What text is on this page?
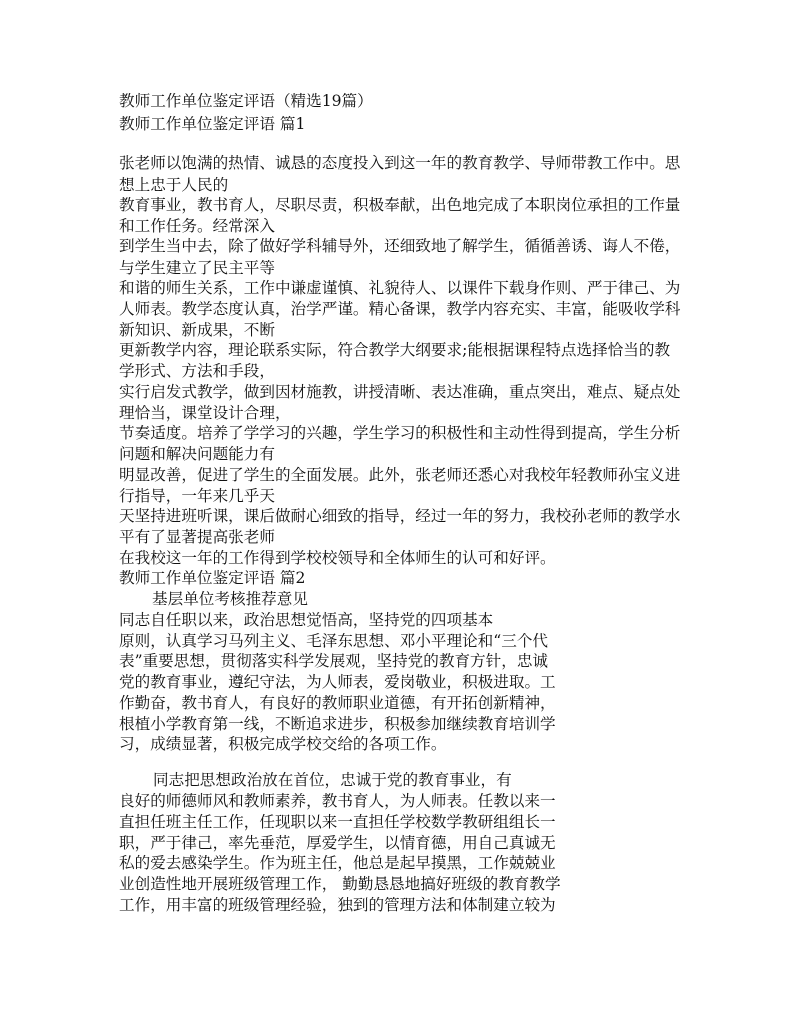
教师工作单位鉴定评语（精选19篇）
教师工作单位鉴定评语 篇1
张老师以饱满的热情、诚恳的态度投入到这一年的教育教学、导师带教工作中。思
想上忠于人民的
教育事业，教书育人，尽职尽责，积极奉献，出色地完成了本职岗位承担的工作量
和工作任务。经常深入
到学生当中去，除了做好学科辅导外，还细致地了解学生，循循善诱、诲人不倦，
与学生建立了民主平等
和谐的师生关系，工作中谦虚谨慎、礼貌待人、以课件下载身作则、严于律己、为
人师表。教学态度认真，治学严谨。精心备课，教学内容充实、丰富，能吸收学科
新知识、新成果，不断
更新教学内容，理论联系实际，符合教学大纲要求;能根据课程特点选择恰当的教
学形式、方法和手段，
实行启发式教学，做到因材施教，讲授清晰、表达准确，重点突出，难点、疑点处
理恰当，课堂设计合理，
节奏适度。培养了学学习的兴趣，学生学习的积极性和主动性得到提高，学生分析
问题和解决问题能力有
明显改善，促进了学生的全面发展。此外，张老师还悉心对我校年轻教师孙宝义进
行指导，一年来几乎天
天坚持进班听课，课后做耐心细致的指导，经过一年的努力，我校孙老师的教学水
平有了显著提高张老师
在我校这一年的工作得到学校校领导和全体师生的认可和好评。
教师工作单位鉴定评语 篇2
基层单位考核推荐意见
同志自任职以来，政治思想觉悟高，坚持党的四项基本
原则，认真学习马列主义、毛泽东思想、邓小平理论和“三个代
表”重要思想，贯彻落实科学发展观，坚持党的教育方针，忠诚
党的教育事业，遵纪守法，为人师表，爱岗敬业，积极进取。工
作勤奋，教书育人，有良好的教师职业道德，有开拓创新精神，
根植小学教育第一线，不断追求进步，积极参加继续教育培训学
习，成绩显著，积极完成学校交给的各项工作。
同志把思想政治放在首位，忠诚于党的教育事业，有
良好的师德师风和教师素养，教书育人，为人师表。任教以来一
直担任班主任工作，任现职以来一直担任学校数学教研组组长一
职，严于律己，率先垂范，厚爱学生，以情育德，用自己真诚无
私的爱去感染学生。作为班主任，他总是起早摸黑，工作兢兢业
业创造性地开展班级管理工作， 勤勤恳恳地搞好班级的教育教学
工作，用丰富的班级管理经验，独到的管理方法和体制建立较为
